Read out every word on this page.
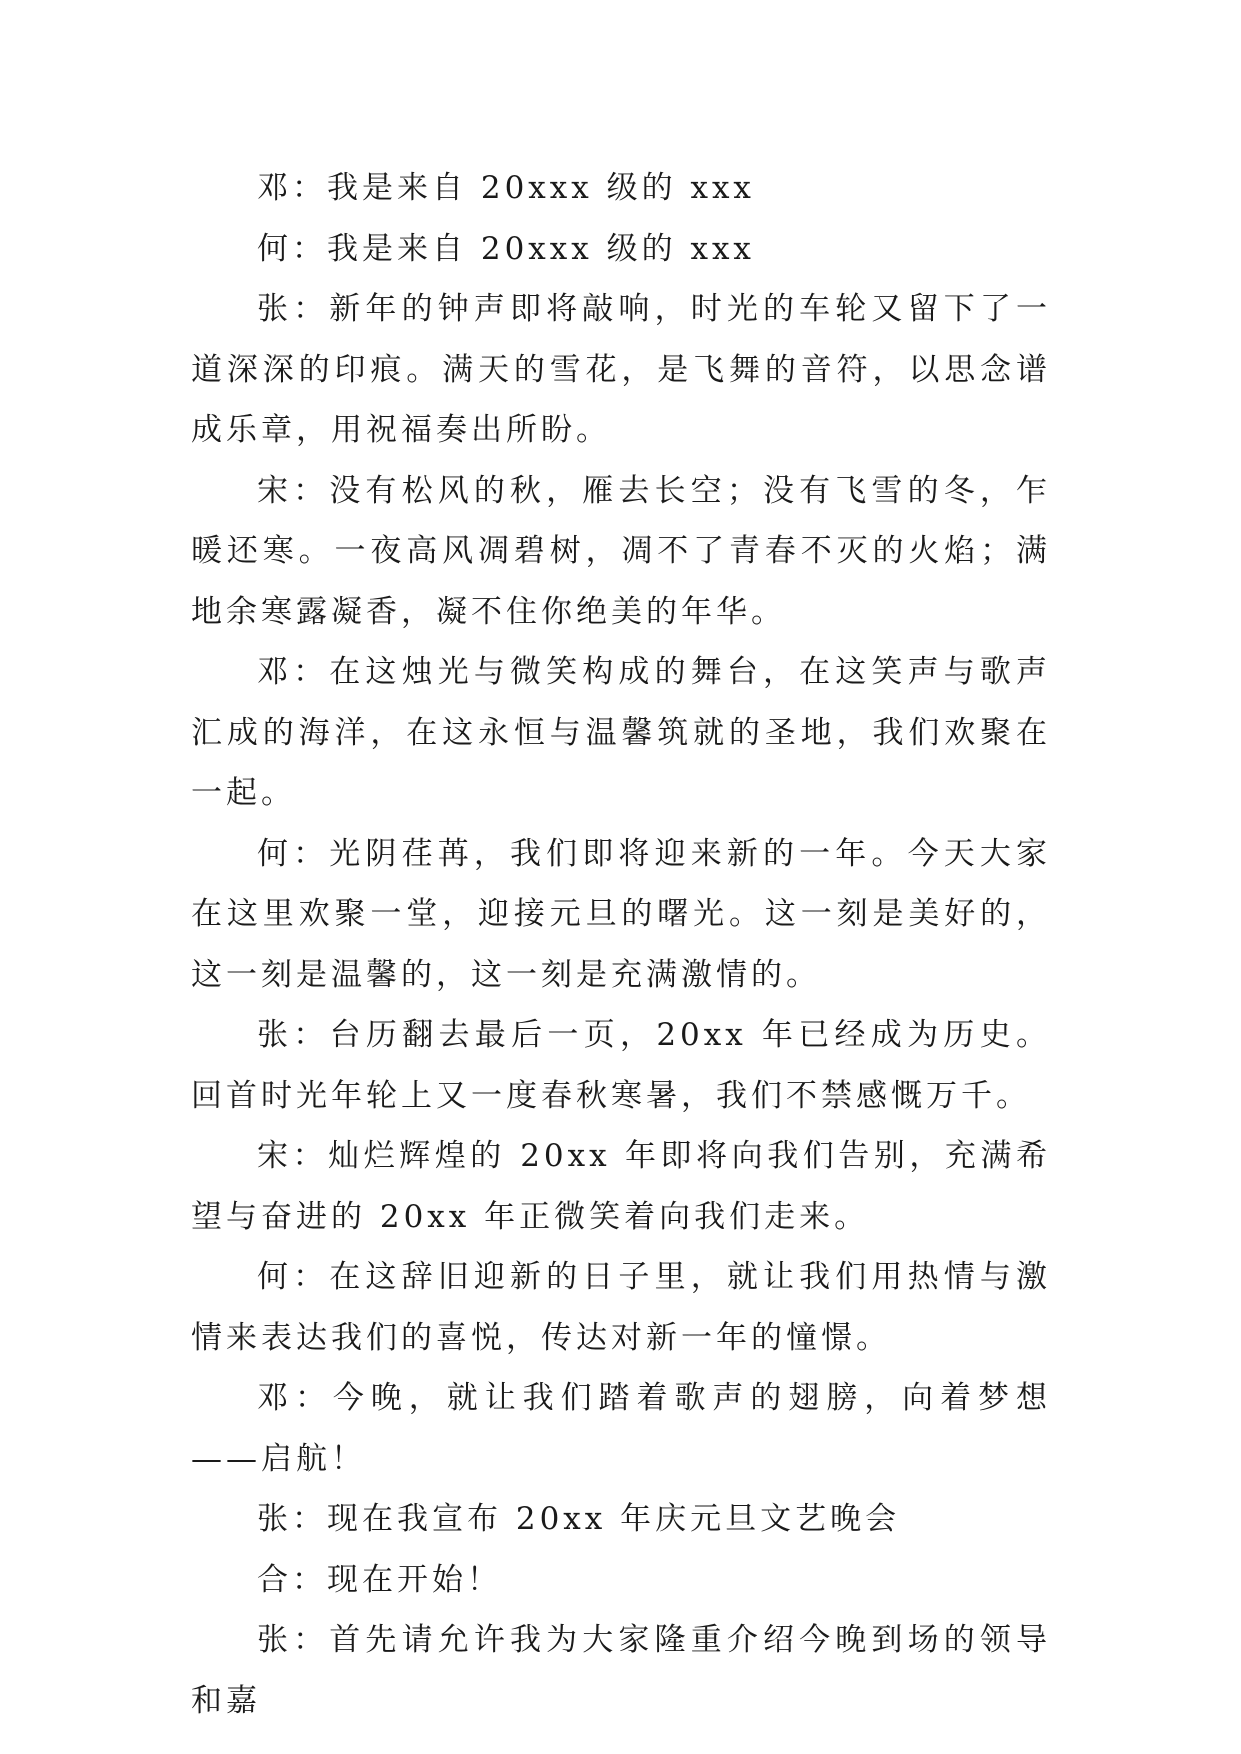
邓：我是来自 20xxx 级的 xxx

何：我是来自 20xxx 级的 xxx

张：新年的钟声即将敲响，时光的车轮又留下了一道深深的印痕。满天的雪花，是飞舞的音符，以思念谱成乐章，用祝福奏出所盼。

宋：没有松风的秋，雁去长空；没有飞雪的冬，乍暖还寒。一夜高风凋碧树，凋不了青春不灭的火焰；满地余寒露凝香，凝不住你绝美的年华。

邓：在这烛光与微笑构成的舞台，在这笑声与歌声汇成的海洋，在这永恒与温馨筑就的圣地，我们欢聚在一起。

何：光阴荏苒，我们即将迎来新的一年。今天大家在这里欢聚一堂，迎接元旦的曙光。这一刻是美好的，这一刻是温馨的，这一刻是充满激情的。

张：台历翻去最后一页，20xx 年已经成为历史。回首时光年轮上又一度春秋寒暑，我们不禁感慨万千。

宋：灿烂辉煌的 20xx 年即将向我们告别，充满希望与奋进的 20xx 年正微笑着向我们走来。

何：在这辞旧迎新的日子里，就让我们用热情与激情来表达我们的喜悦，传达对新一年的憧憬。

邓：今晚，就让我们踏着歌声的翅膀，向着梦想——启航！

张：现在我宣布 20xx 年庆元旦文艺晚会

合：现在开始！

张：首先请允许我为大家隆重介绍今晚到场的领导和嘉
